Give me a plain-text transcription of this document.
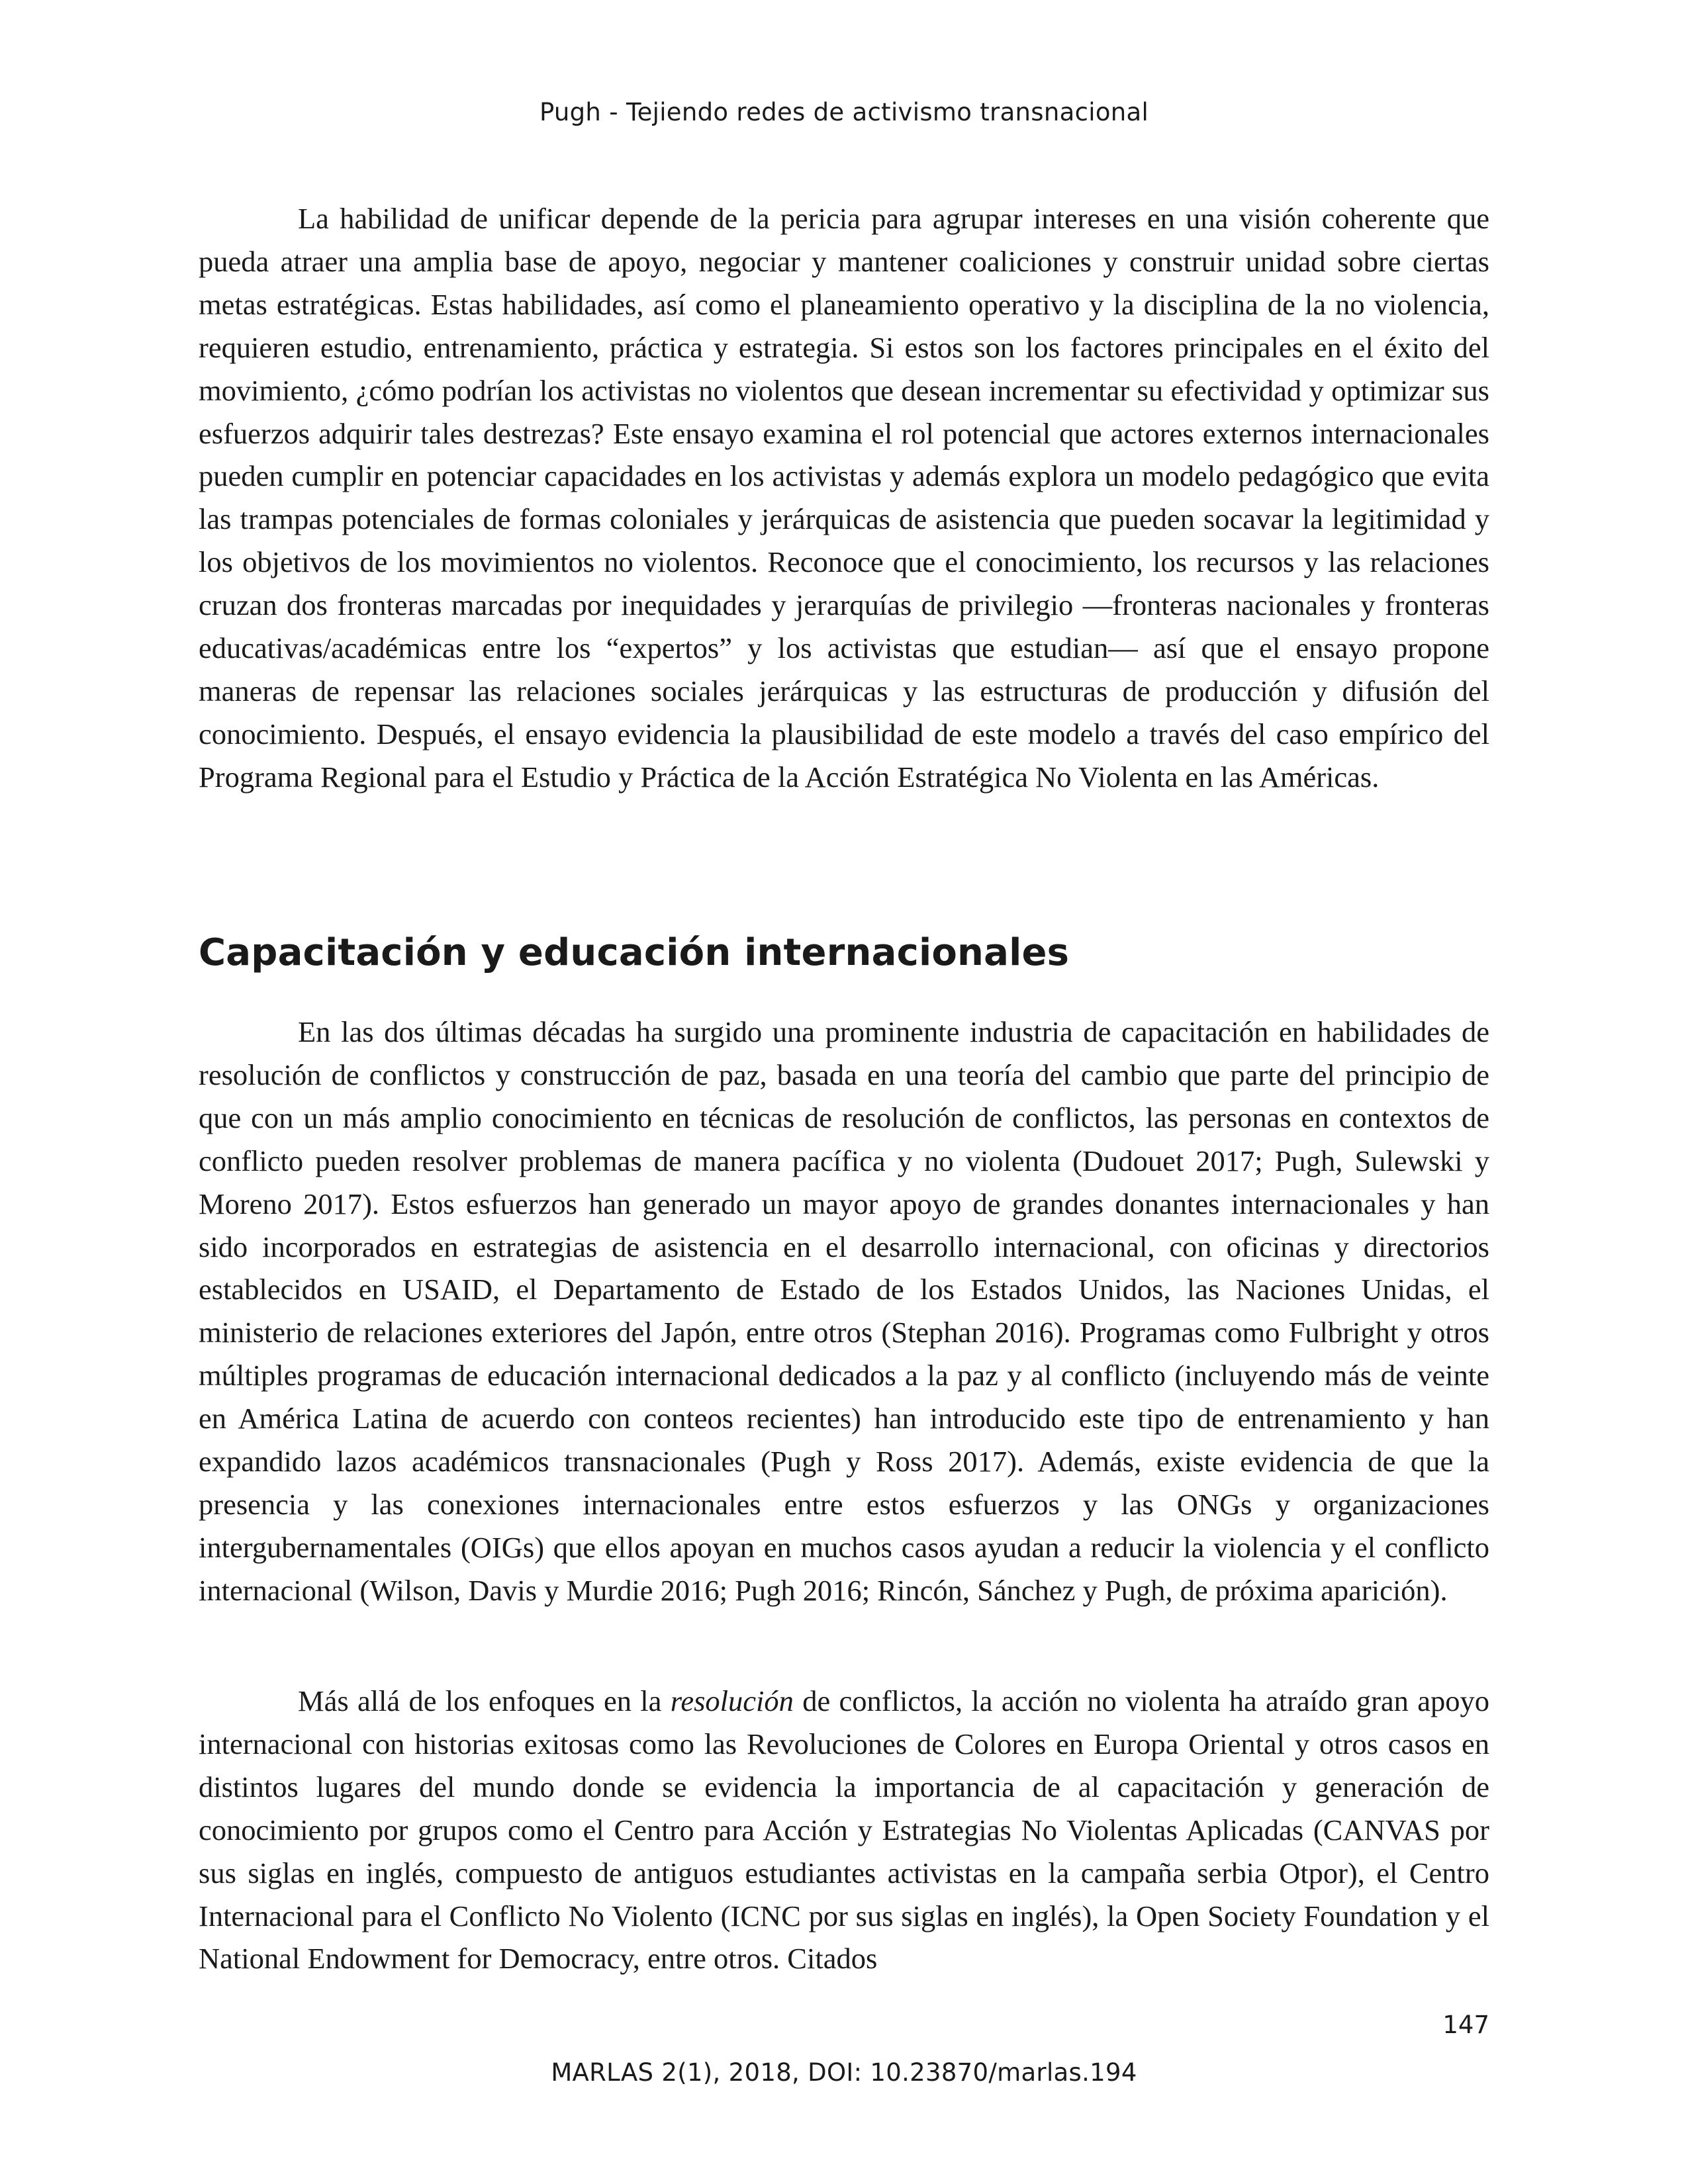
Pugh - Tejiendo redes de activismo transnacional

La habilidad de unificar depende de la pericia para agrupar intereses en una visión coherente que pueda atraer una amplia base de apoyo, negociar y mantener coaliciones y construir unidad sobre ciertas metas estratégicas. Estas habilidades, así como el planeamiento operativo y la disciplina de la no violencia, requieren estudio, entrenamiento, práctica y estrategia. Si estos son los factores principales en el éxito del movimiento, ¿cómo podrían los activistas no violentos que desean incrementar su efectividad y optimizar sus esfuerzos adquirir tales destrezas? Este ensayo examina el rol potencial que actores externos internacionales pueden cumplir en potenciar capacidades en los activistas y además explora un modelo pedagógico que evita las trampas potenciales de formas coloniales y jerárquicas de asistencia que pueden socavar la legitimidad y los objetivos de los movimientos no violentos. Reconoce que el conocimiento, los recursos y las relaciones cruzan dos fronteras marcadas por inequidades y jerarquías de privilegio —fronteras nacionales y fronteras educativas/académicas entre los “expertos” y los activistas que estudian— así que el ensayo propone maneras de repensar las relaciones sociales jerárquicas y las estructuras de producción y difusión del conocimiento. Después, el ensayo evidencia la plausibilidad de este modelo a través del caso empírico del Programa Regional para el Estudio y Práctica de la Acción Estratégica No Violenta en las Américas.

Capacitación y educación internacionales

En las dos últimas décadas ha surgido una prominente industria de capacitación en habilidades de resolución de conflictos y construcción de paz, basada en una teoría del cambio que parte del principio de que con un más amplio conocimiento en técnicas de resolución de conflictos, las personas en contextos de conflicto pueden resolver problemas de manera pacífica y no violenta (Dudouet 2017; Pugh, Sulewski y Moreno 2017). Estos esfuerzos han generado un mayor apoyo de grandes donantes internacionales y han sido incorporados en estrategias de asistencia en el desarrollo internacional, con oficinas y directorios establecidos en USAID, el Departamento de Estado de los Estados Unidos, las Naciones Unidas, el ministerio de relaciones exteriores del Japón, entre otros (Stephan 2016). Programas como Fulbright y otros múltiples programas de educación internacional dedicados a la paz y al conflicto (incluyendo más de veinte en América Latina de acuerdo con conteos recientes) han introducido este tipo de entrenamiento y han expandido lazos académicos transnacionales (Pugh y Ross 2017). Además, existe evidencia de que la presencia y las conexiones internacionales entre estos esfuerzos y las ONGs y organizaciones intergubernamentales (OIGs) que ellos apoyan en muchos casos ayudan a reducir la violencia y el conflicto internacional (Wilson, Davis y Murdie 2016; Pugh 2016; Rincón, Sánchez y Pugh, de próxima aparición).

Más allá de los enfoques en la resolución de conflictos, la acción no violenta ha atraído gran apoyo internacional con historias exitosas como las Revoluciones de Colores en Europa Oriental y otros casos en distintos lugares del mundo donde se evidencia la importancia de al capacitación y generación de conocimiento por grupos como el Centro para Acción y Estrategias No Violentas Aplicadas (CANVAS por sus siglas en inglés, compuesto de antiguos estudiantes activistas en la campaña serbia Otpor), el Centro Internacional para el Conflicto No Violento (ICNC por sus siglas en inglés), la Open Society Foundation y el National Endowment for Democracy, entre otros. Citados

147
MARLAS 2(1), 2018, DOI: 10.23870/marlas.194
